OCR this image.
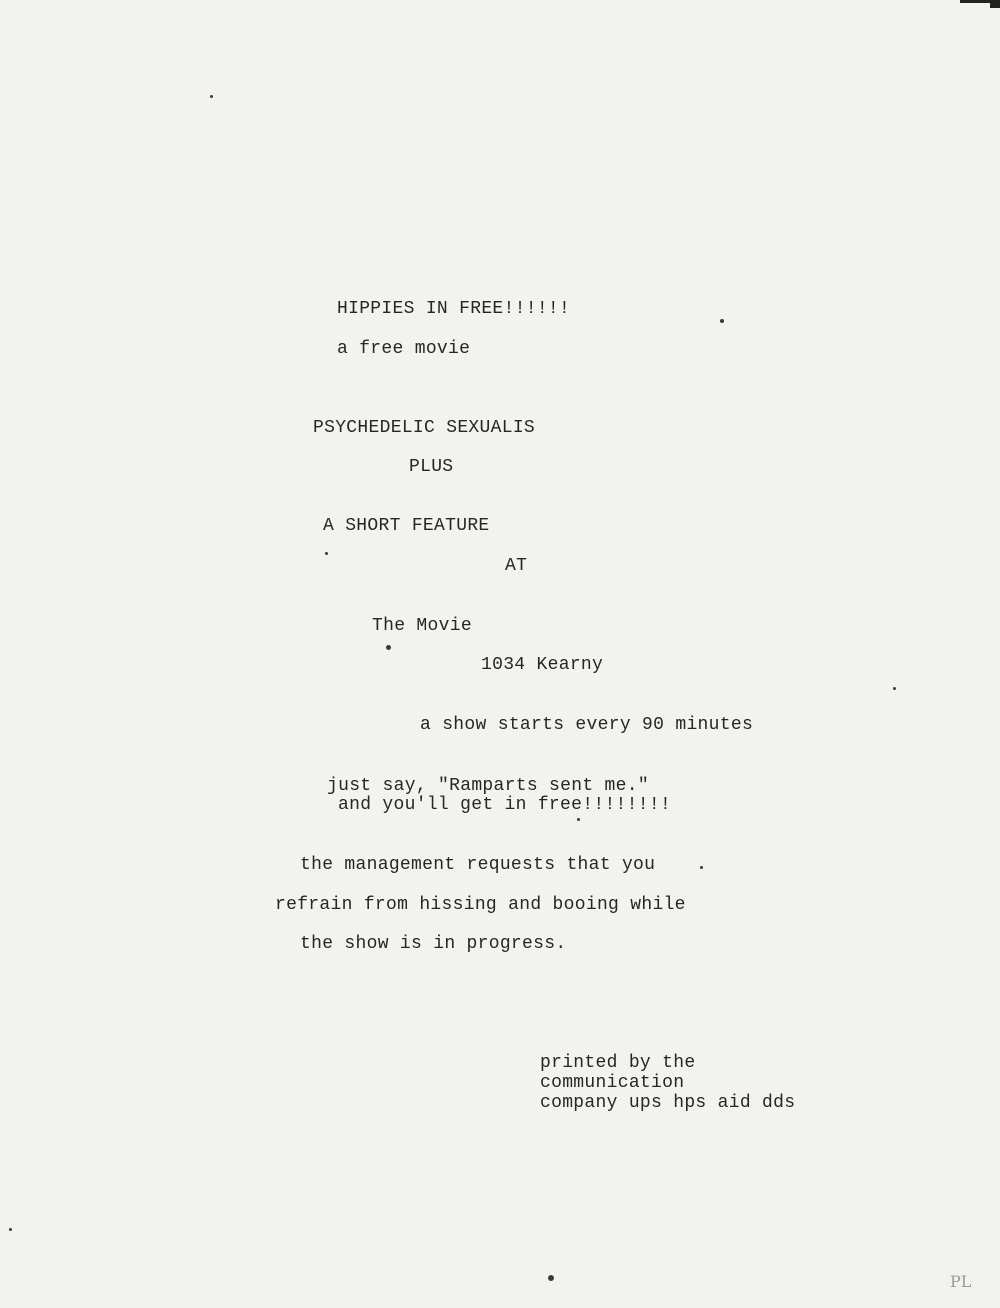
HIPPIES IN FREE!!!!!!
a free movie
PSYCHEDELIC SEXUALIS
PLUS
A SHORT FEATURE
AT
The Movie
1034 Kearny
a show starts every 90 minutes
just say, "Ramparts sent me."
and you'll get in free!!!!!!!!
the management requests that you
refrain from hissing and booing while
the show is in progress.
printed by the
communication
company ups hps aid dds
PL
